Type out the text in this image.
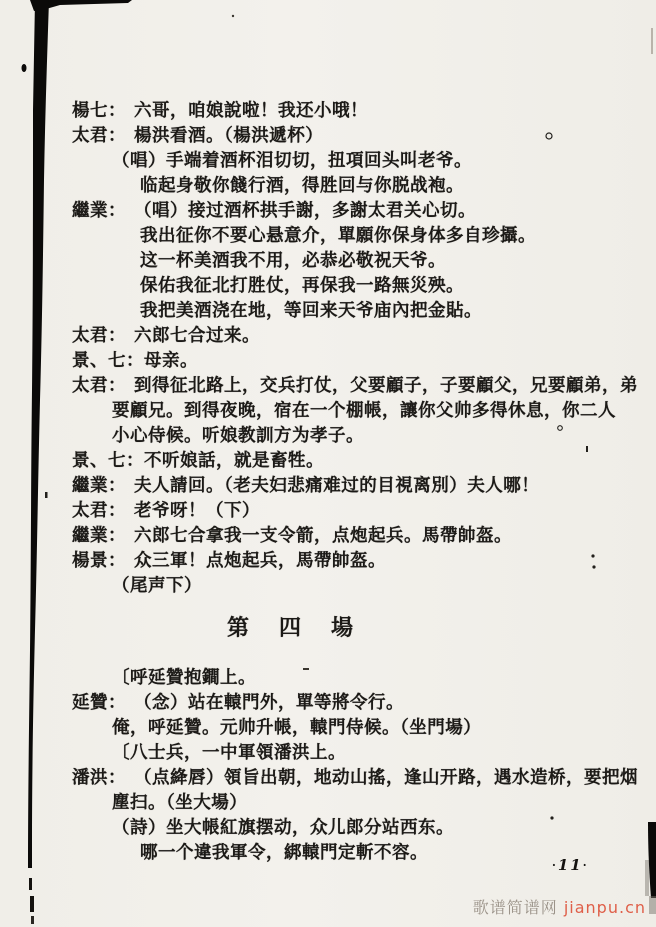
楊七： 六哥，咱娘說啦！我还小哦！
太君： 楊洪看酒。（楊洪遞杯）
（唱）手端着酒杯泪切切，扭項回头叫老爷。
临起身敬你餞行酒，得胜回与你脱战袍。
繼業： （唱）接过酒杯拱手謝，多謝太君关心切。
我出征你不要心悬意介，單願你保身体多自珍攝。
这一杯美酒我不用，必恭必敬祝天爷。
保佑我征北打胜仗，再保我一路無災殃。
我把美酒浇在地，等回来天爷庙內把金貼。
太君： 六郎七合过来。
景、七：母亲。
太君： 到得征北路上，交兵打仗，父要顧子，子要顧父，兄要顧弟，弟
要顧兄。到得夜晚，宿在一个棚帳，讓你父帅多得休息，你二人
小心侍候。听娘教訓方为孝子。
景、七：不听娘話，就是畜牲。
繼業： 夫人請回。（老夫妇悲痛难过的目視离別）夫人哪！
太君： 老爷呀！（下）
繼業： 六郎七合拿我一支令箭，点炮起兵。馬帶帥盔。
楊景： 众三軍！点炮起兵，馬帶帥盔。
（尾声下）
第　四　場
〔呼延贊抱鐧上。
延贊： （念）站在轅門外，單等將令行。
俺，呼延贊。元帅升帳，轅門侍候。（坐門場）
〔八士兵，一中軍領潘洪上。
潘洪： （点絳唇）領旨出朝，地动山搖，逢山开路，遇水造桥，要把烟
塵扫。（坐大場）
（詩）坐大帳紅旗摆动，众儿郎分站西东。
哪一个違我軍令，綁轅門定斬不容。
·11·
歌谱简谱网 jianpu.cn
